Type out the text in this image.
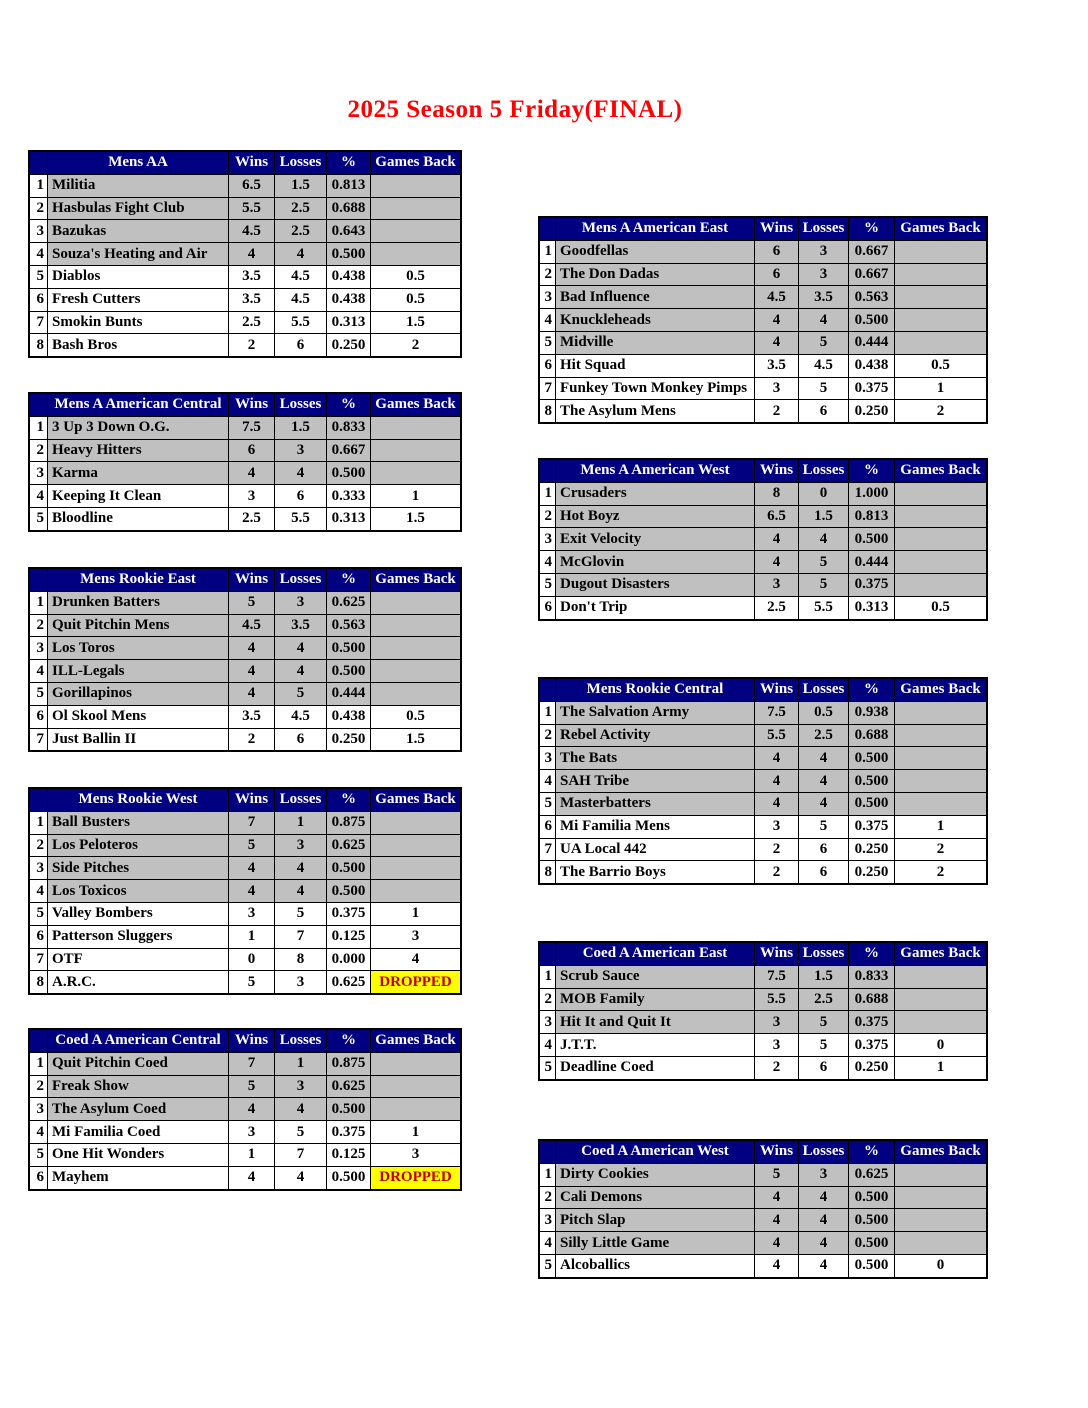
2025 Season 5 Friday(FINAL)
Mens AA	Wins Losses	%	Games Back
1 Militia	6.5	1.5	0.813
2 Hasbulas Fight Club	5.5	2.5	0.688
3 Bazukas	4.5	2.5	0.643
4 Souza's Heating and Air	4	4	0.500
5 Diablos	3.5	4.5	0.438	0.5
6 Fresh Cutters	3.5	4.5	0.438	0.5
7 Smokin Bunts	2.5	5.5	0.313	1.5
8 Bash Bros	2	6	0.250	2
Mens A American Central Wins Losses	%	Games Back
1 3 Up 3 Down O.G.	7.5	1.5	0.833
2 Heavy Hitters	6	3	0.667
3 Karma	4	4	0.500
4 Keeping It Clean	3	6	0.333	1
5 Bloodline	2.5	5.5	0.313	1.5
Mens Rookie East	Wins Losses	%	Games Back
1 Drunken Batters	5	3	0.625
2 Quit Pitchin Mens	4.5	3.5	0.563
3 Los Toros	4	4	0.500
4 ILL-Legals	4	4	0.500
5 Gorillapinos	4	5	0.444
6 Ol Skool Mens	3.5	4.5	0.438	0.5
7 Just Ballin II	2	6	0.250	1.5
Mens Rookie West	Wins Losses	%	Games Back
1 Ball Busters	7	1	0.875
2 Los Peloteros	5	3	0.625
3 Side Pitches	4	4	0.500
4 Los Toxicos	4	4	0.500
5 Valley Bombers	3	5	0.375	1
6 Patterson Sluggers	1	7	0.125	3
7 OTF	0	8	0.000	4
8 A.R.C.	5	3	0.625 DROPPED
Coed A American Central Wins Losses	%	Games Back
1 Quit Pitchin Coed	7	1	0.875
2 Freak Show	5	3	0.625
3 The Asylum Coed	4	4	0.500
4 Mi Familia Coed	3	5	0.375	1
5 One Hit Wonders	1	7	0.125	3
6 Mayhem	4	4	0.500 DROPPED
Mens A American East	Wins Losses	%	Games Back
1 Goodfellas	6	3	0.667
2 The Don Dadas	6	3	0.667
3 Bad Influence	4.5	3.5	0.563
4 Knuckleheads	4	4	0.500
5 Midville	4	5	0.444
6 Hit Squad	3.5	4.5	0.438	0.5
7 Funkey Town Monkey Pimps	3	5	0.375	1
8 The Asylum Mens	2	6	0.250	2
Mens A American West	Wins Losses	%	Games Back
1 Crusaders	8	0	1.000
2 Hot Boyz	6.5	1.5	0.813
3 Exit Velocity	4	4	0.500
4 McGlovin	4	5	0.444
5 Dugout Disasters	3	5	0.375
6 Don't Trip	2.5	5.5	0.313	0.5
Mens Rookie Central	Wins Losses	%	Games Back
1 The Salvation Army	7.5	0.5	0.938
2 Rebel Activity	5.5	2.5	0.688
3 The Bats	4	4	0.500
4 SAH Tribe	4	4	0.500
5 Masterbatters	4	4	0.500
6 Mi Familia Mens	3	5	0.375	1
7 UA Local 442	2	6	0.250	2
8 The Barrio Boys	2	6	0.250	2
Coed A American East	Wins Losses	%	Games Back
1 Scrub Sauce	7.5	1.5	0.833
2 MOB Family	5.5	2.5	0.688
3 Hit It and Quit It	3	5	0.375
4 J.T.T.	3	5	0.375	0
5 Deadline Coed	2	6	0.250	1
Coed A American West	Wins Losses	%	Games Back
1 Dirty Cookies	5	3	0.625
2 Cali Demons	4	4	0.500
3 Pitch Slap	4	4	0.500
4 Silly Little Game	4	4	0.500
5 Alcoballics	4	4	0.500	0
